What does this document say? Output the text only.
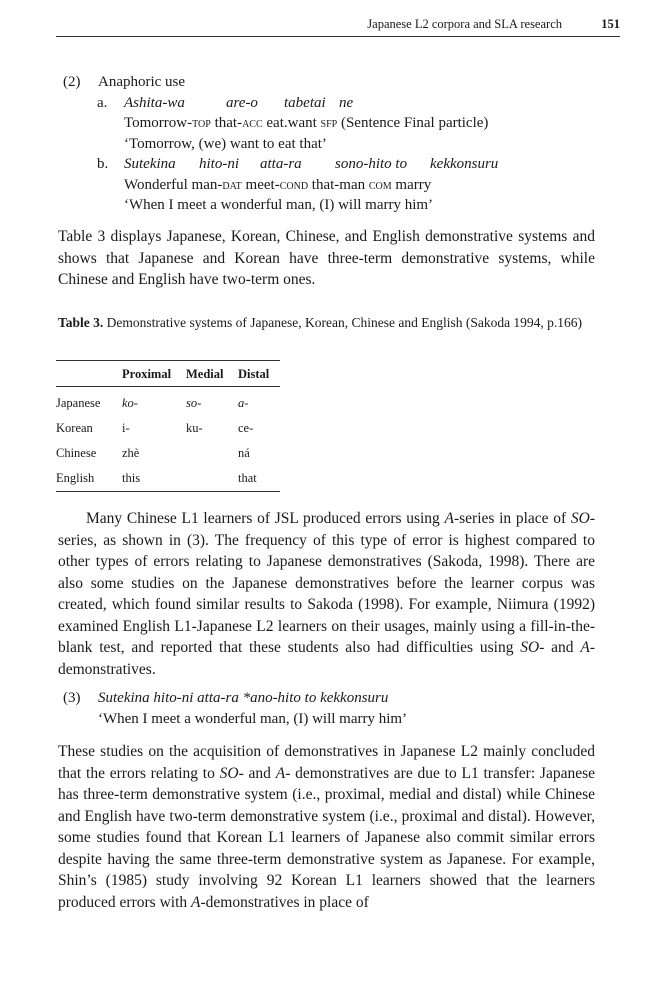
Japanese L2 corpora and SLA research	151
(2) Anaphoric use
a. Ashita-wa	are-o tabetai ne
Tomorrow-top that-acc eat.want sfp (Sentence Final particle)
‘Tomorrow, (we) want to eat that’
b. Sutekina hito-ni atta-ra sono-hito to kekkonsuru
Wonderful man-dat meet-cond that-man com marry
‘When I meet a wonderful man, (I) will marry him’

Table 3 displays Japanese, Korean, Chinese, and English demonstrative systems and shows that Japanese and Korean have three-term demonstrative systems, while Chinese and English have two-term ones.

Table 3. Demonstrative systems of Japanese, Korean, Chinese and English (Sakoda 1994, p.166)
	Proximal	Medial	Distal
Japanese	ko-	so-	a-
Korean	i-	ku-	ce-
Chinese	zhè		ná
English	this		that

Many Chinese L1 learners of JSL produced errors using A-series in place of SO-series, as shown in (3). The frequency of this type of error is highest compared to other types of errors relating to Japanese demonstratives (Sakoda, 1998). There are also some studies on the Japanese demonstratives before the learner corpus was created, which found similar results to Sakoda (1998). For example, Niimura (1992) examined English L1-Japanese L2 learners on their usages, mainly using a fill-in-the-blank test, and reported that these students also had difficulties using SO- and A-demonstratives.

(3) Sutekina hito-ni atta-ra *ano-hito to kekkonsuru
‘When I meet a wonderful man, (I) will marry him’

These studies on the acquisition of demonstratives in Japanese L2 mainly concluded that the errors relating to SO- and A- demonstratives are due to L1 transfer: Japanese has three-term demonstrative system (i.e., proximal, medial and distal) while Chinese and English have two-term demonstrative system (i.e., proximal and distal). However, some studies found that Korean L1 learners of Japanese also commit similar errors despite having the same three-term demonstrative system as Japanese. For example, Shin’s (1985) study involving 92 Korean L1 learners showed that the learners produced errors with A-demonstratives in place of
